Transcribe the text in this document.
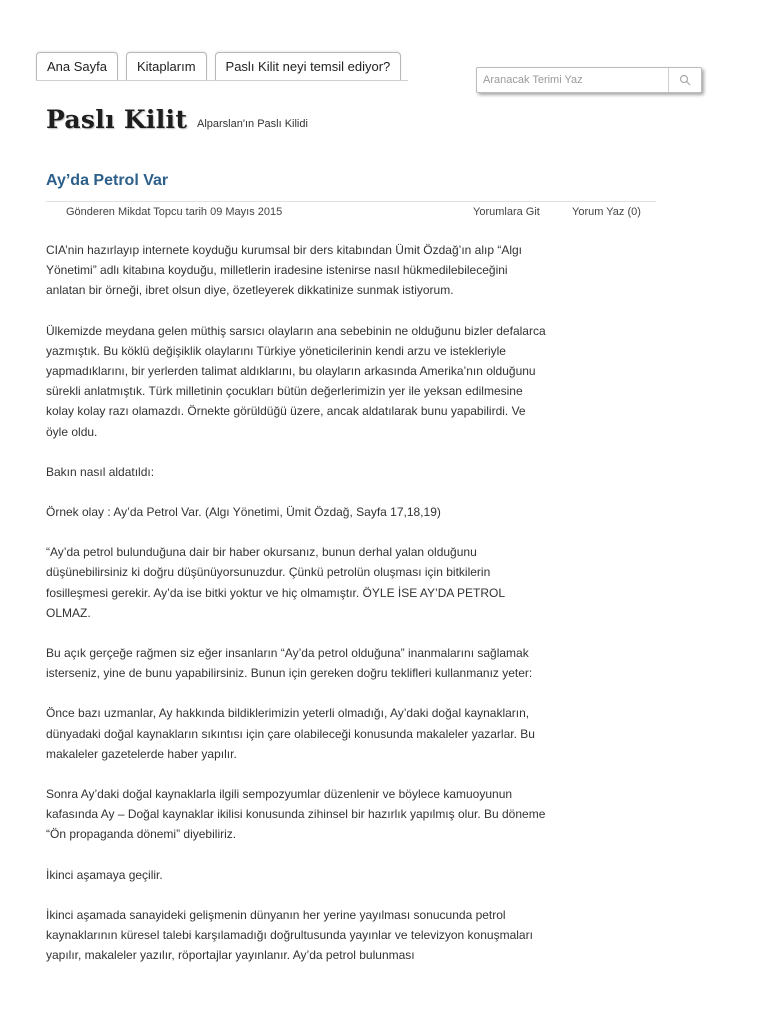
Ana Sayfa	Kitaplarım	Paslı Kilit neyi temsil ediyor?
Aranacak Terimi Yaz
Paslı Kilit Alparslan'ın Paslı Kilidi
Ay’da Petrol Var
Gönderen Mikdat Topcu tarih 09 Mayıs 2015	Yorumlara Git	Yorum Yaz (0)

CIA’nin hazırlayıp internete koyduğu kurumsal bir ders kitabından Ümit Özdağ’ın alıp “Algı Yönetimi” adlı kitabına koyduğu, milletlerin iradesine istenirse nasıl hükmedilebileceğini anlatan bir örneği, ibret olsun diye, özetleyerek dikkatinize sunmak istiyorum.

Ülkemizde meydana gelen müthiş sarsıcı olayların ana sebebinin ne olduğunu bizler defalarca yazmıştık. Bu köklü değişiklik olaylarını Türkiye yöneticilerinin kendi arzu ve istekleriyle yapmadıklarını, bir yerlerden talimat aldıklarını, bu olayların arkasında Amerika’nın olduğunu sürekli anlatmıştık. Türk milletinin çocukları bütün değerlerimizin yer ile yeksan edilmesine kolay kolay razı olamazdı. Örnekte görüldüğü üzere, ancak aldatılarak bunu yapabilirdi. Ve öyle oldu.

Bakın nasıl aldatıldı:

Örnek olay : Ay’da Petrol Var. (Algı Yönetimi, Ümit Özdağ, Sayfa 17,18,19)

“Ay’da petrol bulunduğuna dair bir haber okursanız, bunun derhal yalan olduğunu düşünebilirsiniz ki doğru düşünüyorsunuzdur. Çünkü petrolün oluşması için bitkilerin fosilleşmesi gerekir. Ay’da ise bitki yoktur ve hiç olmamıştır. ÖYLE İSE AY’DA PETROL OLMAZ.

Bu açık gerçeğe rağmen siz eğer insanların “Ay’da petrol olduğuna” inanmalarını sağlamak isterseniz, yine de bunu yapabilirsiniz. Bunun için gereken doğru teklifleri kullanmanız yeter:

Önce bazı uzmanlar, Ay hakkında bildiklerimizin yeterli olmadığı, Ay’daki doğal kaynakların, dünyadaki doğal kaynakların sıkıntısı için çare olabileceği konusunda makaleler yazarlar. Bu makaleler gazetelerde haber yapılır.

Sonra Ay’daki doğal kaynaklarla ilgili sempozyumlar düzenlenir ve böylece kamuoyunun kafasında Ay – Doğal kaynaklar ikilisi konusunda zihinsel bir hazırlık yapılmış olur. Bu döneme “Ön propaganda dönemi” diyebiliriz.

İkinci aşamaya geçilir.

İkinci aşamada sanayideki gelişmenin dünyanın her yerine yayılması sonucunda petrol kaynaklarının küresel talebi karşılamadığı doğrultusunda yayınlar ve televizyon konuşmaları yapılır, makaleler yazılır, röportajlar yayınlanır. Ay’da petrol bulunması
